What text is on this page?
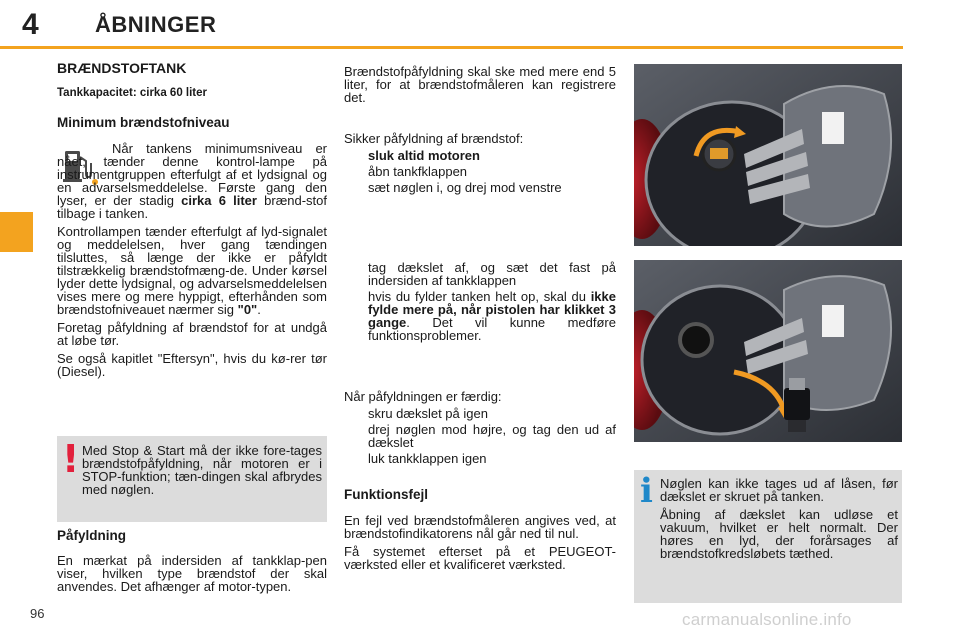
4	ÅBNINGER
BRÆNDSTOFTANK
Tankkapacitet: cirka 60 liter
Minimum brændstofniveau

Når tankens minimumsniveau er nået, tænder denne kontrol-lampe på instrumentgruppen efterfulgt af et lydsignal og en advarselsmeddelelse. Første gang den lyser, er der stadig cirka 6 liter brænd-stof tilbage i tanken.

Kontrollampen tænder efterfulgt af lyd-signalet og meddelelsen, hver gang tændingen tilsluttes, så længe der ikke er påfyldt tilstrækkelig brændstofmæng-de. Under kørsel lyder dette lydsignal, og advarselsmeddelelsen vises mere og mere hyppigt, efterhånden som brændstofniveauet nærmer sig "0".

Foretag påfyldning af brændstof for at undgå at løbe tør.

Se også kapitlet "Eftersyn", hvis du kø-rer tør (Diesel).

! Med Stop & Start må der ikke fore-tages brændstofpåfyldning, når motoren er i STOP-funktion; tæn-dingen skal afbrydes med nøglen.

Påfyldning

En mærkat på indersiden af tankklap-pen viser, hvilken type brændstof der skal anvendes. Det afhænger af motor-typen.

Brændstofpåfyldning skal ske med mere end 5 liter, for at brændstofmåleren kan registrere det.

Sikker påfyldning af brændstof:
sluk altid motoren
åbn tankfklappen
sæt nøglen i, og drej mod venstre

tag dækslet af, og sæt det fast på indersiden af tankklappen

hvis du fylder tanken helt op, skal du ikke fylde mere på, når pistolen har klikket 3 gange. Det vil kunne medføre funktionsproblemer.

Når påfyldningen er færdig:
skru dækslet på igen

drej nøglen mod højre, og tag den ud af dækslet

luk tankklappen igen
Funktionsfejl

En fejl ved brændstofmåleren angives ved, at brændstofindikatorens nål går ned til nul.

Få systemet efterset på et PEUGEOT-værksted eller et kvalificeret værksted.

i Nøglen kan ikke tages ud af låsen, før dækslet er skruet på tanken.

Åbning af dækslet kan udløse et vakuum, hvilket er helt normalt. Der høres en lyd, der forårsages af brændstofkredsløbets tæthed.

96	carmanualsonline.info
